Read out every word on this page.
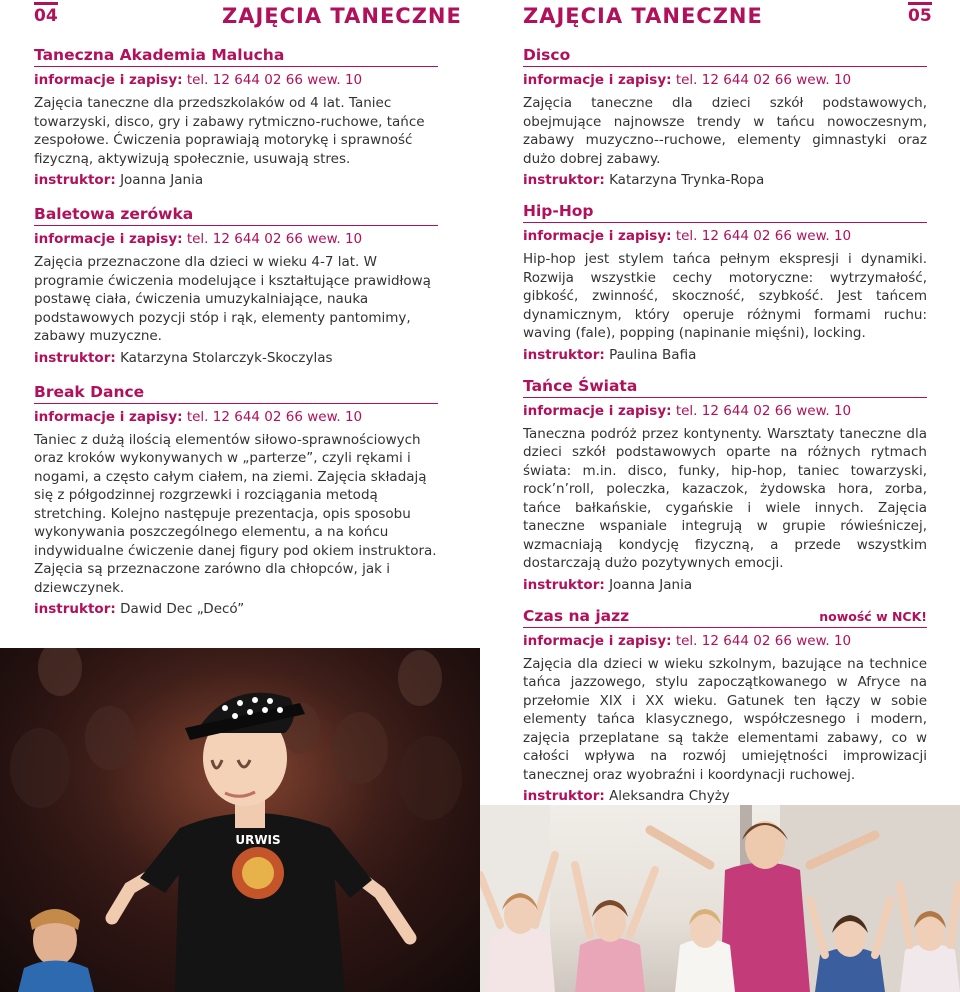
04	ZAJĘCIA TANECZNE	ZAJĘCIA TANECZNE	05
Taneczna Akademia Malucha
informacje i zapisy: tel. 12 644 02 66 wew. 10
Zajęcia taneczne dla przedszkolaków od 4 lat. Taniec towarzyski, disco, gry i zabawy rytmiczno-ruchowe, tańce zespołowe. Ćwiczenia poprawiają motorykę i sprawność fizyczną, aktywizują społecznie, usuwają stres.
instruktor: Joanna Jania
Baletowa zerówka
informacje i zapisy: tel. 12 644 02 66 wew. 10
Zajęcia przeznaczone dla dzieci w wieku 4-7 lat. W programie ćwiczenia modelujące i kształtujące prawidłową postawę ciała, ćwiczenia umuzykalniające, nauka podstawowych pozycji stóp i rąk, elementy pantomimy, zabawy muzyczne.
instruktor: Katarzyna Stolarczyk-Skoczylas
Break Dance
informacje i zapisy: tel. 12 644 02 66 wew. 10
Taniec z dużą ilością elementów siłowo-sprawnościowych oraz kroków wykonywanych w „parterze”, czyli rękami i nogami, a często całym ciałem, na ziemi. Zajęcia składają się z półgodzinnej rozgrzewki i rozciągania metodą stretching. Kolejno następuje prezentacja, opis sposobu wykonywania poszczególnego elementu, a na końcu indywidualne ćwiczenie danej figury pod okiem instruktora. Zajęcia są przeznaczone zarówno dla chłopców, jak i dziewczynek.
instruktor: Dawid Dec „Decó”
Disco
informacje i zapisy: tel. 12 644 02 66 wew. 10
Zajęcia taneczne dla dzieci szkół podstawowych, obejmujące najnowsze trendy w tańcu nowoczesnym, zabawy muzyczno--ruchowe, elementy gimnastyki oraz dużo dobrej zabawy.
instruktor: Katarzyna Trynka-Ropa
Hip-Hop
informacje i zapisy: tel. 12 644 02 66 wew. 10
Hip-hop jest stylem tańca pełnym ekspresji i dynamiki. Rozwija wszystkie cechy motoryczne: wytrzymałość, gibkość, zwinność, skoczność, szybkość. Jest tańcem dynamicznym, który operuje różnymi formami ruchu: waving (fale), popping (napinanie mięśni), locking.
instruktor: Paulina Bafia
Tańce Świata
informacje i zapisy: tel. 12 644 02 66 wew. 10
Taneczna podróż przez kontynenty. Warsztaty taneczne dla dzieci szkół podstawowych oparte na różnych rytmach świata: m.in. disco, funky, hip-hop, taniec towarzyski, rock’n’roll, poleczka, kazaczok, żydowska hora, zorba, tańce bałkańskie, cygańskie i wiele innych. Zajęcia taneczne wspaniale integrują w grupie rówieśniczej, wzmacniają kondycję fizyczną, a przede wszystkim dostarczają dużo pozytywnych emocji.
instruktor: Joanna Jania
Czas na jazz	nowość w NCK!
informacje i zapisy: tel. 12 644 02 66 wew. 10
Zajęcia dla dzieci w wieku szkolnym, bazujące na technice tańca jazzowego, stylu zapoczątkowanego w Afryce na przełomie XIX i XX wieku. Gatunek ten łączy w sobie elementy tańca klasycznego, współczesnego i modern, zajęcia przeplatane są także elementami zabawy, co w całości wpływa na rozwój umiejętności improwizacji tanecznej oraz wyobraźni i koordynacji ruchowej.
instruktor: Aleksandra Chyży
URWIS
